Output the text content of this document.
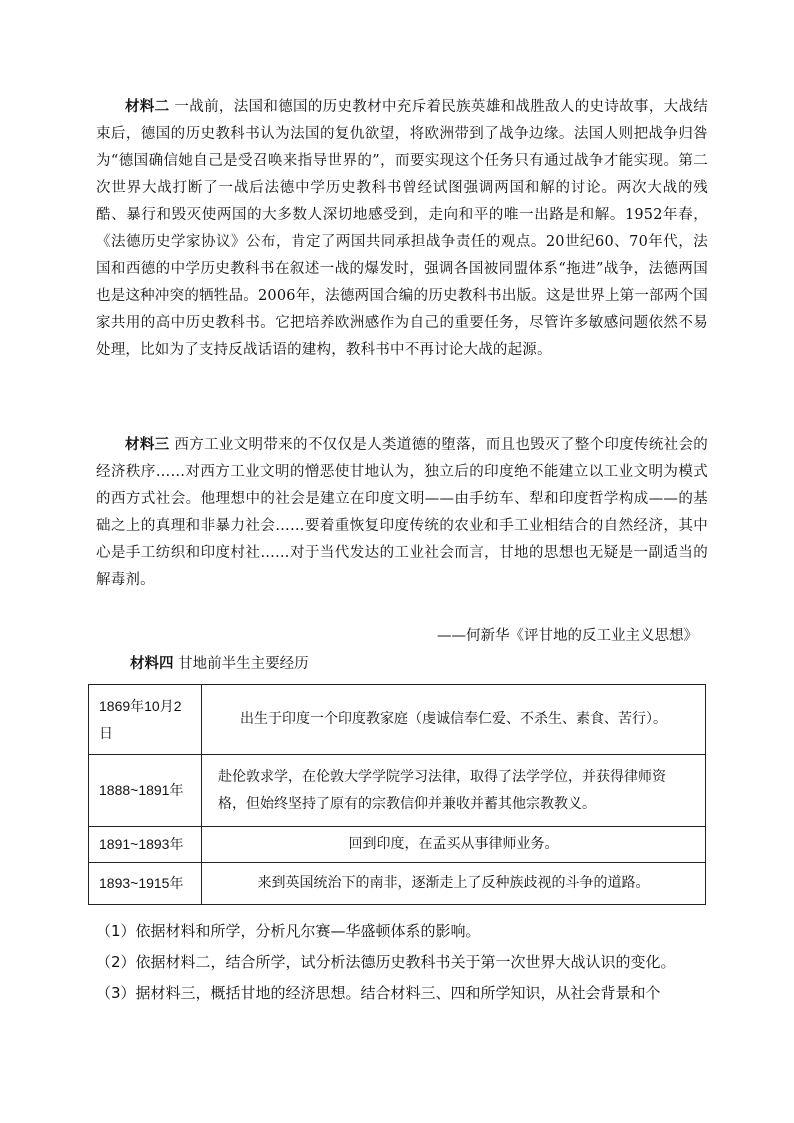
材料二 一战前，法国和德国的历史教材中充斥着民族英雄和战胜敌人的史诗故事，大战结束后，德国的历史教科书认为法国的复仇欲望，将欧洲带到了战争边缘。法国人则把战争归咎为“德国确信她自己是受召唤来指导世界的”，而要实现这个任务只有通过战争才能实现。第二次世界大战打断了一战后法德中学历史教科书曾经试图强调两国和解的讨论。两次大战的残酷、暴行和毁灭使两国的大多数人深切地感受到，走向和平的唯一出路是和解。1952年春，《法德历史学家协议》公布，肯定了两国共同承担战争责任的观点。20世纪60、70年代，法国和西德的中学历史教科书在叙述一战的爆发时，强调各国被同盟体系“拖进”战争，法德两国也是这种冲突的牺牲品。2006年，法德两国合编的历史教科书出版。这是世界上第一部两个国家共用的高中历史教科书。它把培养欧洲感作为自己的重要任务，尽管许多敏感问题依然不易处理，比如为了支持反战话语的建构，教科书中不再讨论大战的起源。

材料三 西方工业文明带来的不仅仅是人类道德的堕落，而且也毁灭了整个印度传统社会的经济秩序……对西方工业文明的憎恶使甘地认为，独立后的印度绝不能建立以工业文明为模式的西方式社会。他理想中的社会是建立在印度文明——由手纺车、犁和印度哲学构成——的基础之上的真理和非暴力社会……要着重恢复印度传统的农业和手工业相结合的自然经济，其中心是手工纺织和印度村社……对于当代发达的工业社会而言，甘地的思想也无疑是一副适当的解毒剂。

——何新华《评甘地的反工业主义思想》
材料四 甘地前半生主要经历
1869年10月2日	出生于印度一个印度教家庭（虔诚信奉仁爱、不杀生、素食、苦行）。
1888~1891年	赴伦敦求学，在伦敦大学学院学习法律，取得了法学学位，并获得律师资格，但始终坚持了原有的宗教信仰并兼收并蓄其他宗教教义。
1891~1893年	回到印度，在孟买从事律师业务。
1893~1915年	来到英国统治下的南非，逐渐走上了反种族歧视的斗争的道路。
（1）依据材料和所学，分析凡尔赛—华盛顿体系的影响。
（2）依据材料二，结合所学，试分析法德历史教科书关于第一次世界大战认识的变化。
（3）据材料三，概括甘地的经济思想。结合材料三、四和所学知识，从社会背景和个
